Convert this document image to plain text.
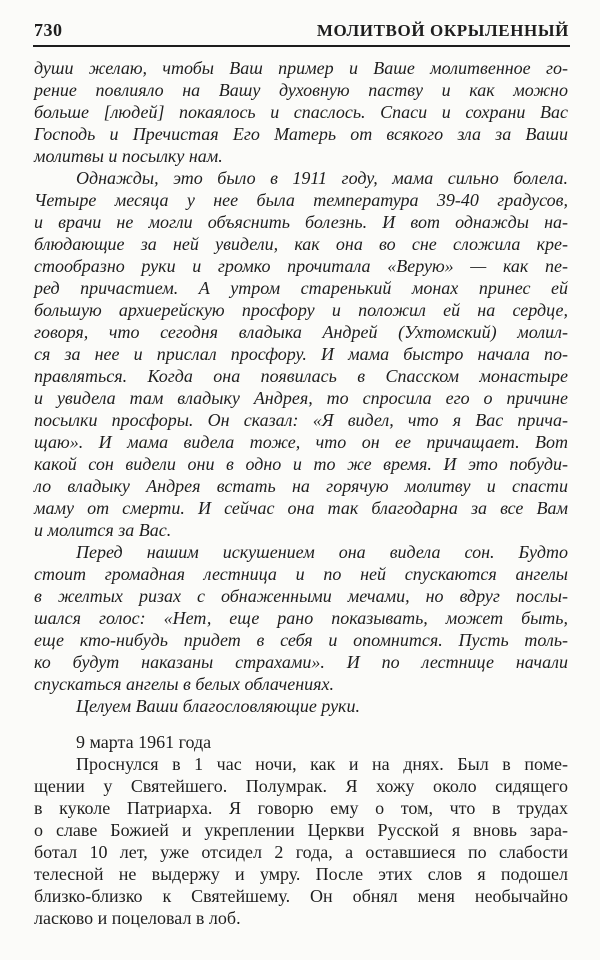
730	МОЛИТВОЙ ОКРЫЛЕННЫЙ
души желаю, чтобы Ваш пример и Ваше молитвенное го-
рение повлияло на Вашу духовную паству и как можно
больше [людей] покаялось и спаслось. Спаси и сохрани Вас
Господь и Пречистая Его Матерь от всякого зла за Ваши
молитвы и посылку нам.
Однажды, это было в 1911 году, мама сильно болела.
Четыре месяца у нее была температура 39-40 градусов,
и врачи не могли объяснить болезнь. И вот однажды на-
блюдающие за ней увидели, как она во сне сложила кре-
стообразно руки и громко прочитала «Верую» — как пе-
ред причастием. А утром старенький монах принес ей
большую архиерейскую просфору и положил ей на сердце,
говоря, что сегодня владыка Андрей (Ухтомский) молил-
ся за нее и прислал просфору. И мама быстро начала по-
правляться. Когда она появилась в Спасском монастыре
и увидела там владыку Андрея, то спросила его о причине
посылки просфоры. Он сказал: «Я видел, что я Вас прича-
щаю». И мама видела тоже, что он ее причащает. Вот
какой сон видели они в одно и то же время. И это побуди-
ло владыку Андрея встать на горячую молитву и спасти
маму от смерти. И сейчас она так благодарна за все Вам
и молится за Вас.
Перед нашим искушением она видела сон. Будто
стоит громадная лестница и по ней спускаются ангелы
в желтых ризах с обнаженными мечами, но вдруг послы-
шался голос: «Нет, еще рано показывать, может быть,
еще кто-нибудь придет в себя и опомнится. Пусть толь-
ко будут наказаны страхами». И по лестнице начали
спускаться ангелы в белых облачениях.
Целуем Ваши благословляющие руки.
9 марта 1961 года
Проснулся в 1 час ночи, как и на днях. Был в поме-
щении у Святейшего. Полумрак. Я хожу около сидящего
в куколе Патриарха. Я говорю ему о том, что в трудах
о славе Божией и укреплении Церкви Русской я вновь зара-
ботал 10 лет, уже отсидел 2 года, а оставшиеся по слабости
телесной не выдержу и умру. После этих слов я подошел
близко-близко к Святейшему. Он обнял меня необычайно
ласково и поцеловал в лоб.
